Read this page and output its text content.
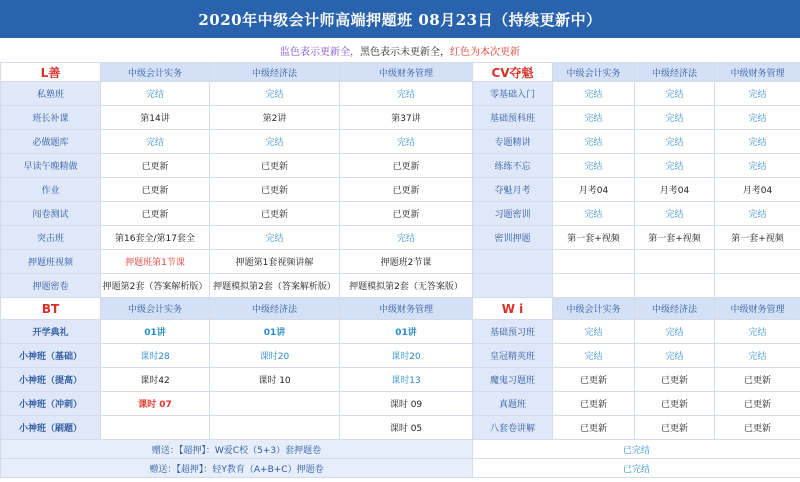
2020年中级会计师高端押题班 08月23日（持续更新中）
监色表示更新全， 黑色表示未更新全， 红色为本次更新
L善	中级会计实务	中级经济法	中级财务管理
私塾班	完结	完结	完结
班长补课	第14讲	第2讲	第37讲
必做题库	完结	完结	完结
早读午晚精做	已更新	已更新	已更新
作业	已更新	已更新	已更新
闯卷测试	已更新	已更新	已更新
突击班	第16套全/第17套全	完结	完结
押题班视频	押题班第1节课	押题第1套视频讲解	押题班2节课
押题密卷	押题第2套（答案解析版）	押题模拟第2套（答案解析版）	押题模拟第2套（无答案版）
CV夺魁	中级会计实务	中级经济法	中级财务管理
零基础入门	完结	完结	完结
基础预科班	完结	完结	完结
专题精讲	完结	完结	完结
练练不忘	完结	完结	完结
夺魁月考	月考04	月考04	月考04
习题密训	完结	完结	完结
密训押题	第一套+视频	第一套+视频	第一套+视频

BT	中级会计实务	中级经济法	中级财务管理
开学典礼	01讲	01讲	01讲
小神班（基础）	课时28	课时20	课时20
小神班（提高）	课时42	课时 10	课时13
小神班（冲刺）	课时 07		课时 09
小神班（刷题）			课时 05
W i	中级会计实务	中级经济法	中级财务管理
基础预习班	完结	完结	完结
皇冠精英班	完结	完结	完结
魔鬼习题班	已更新	已更新	已更新
真题班	已更新	已更新	已更新
八套卷讲解	已更新	已更新	已更新
赠送：【超押】：W爱C校（5+3）套押题卷	已完结
赠送：【超押】：轻Y教育（A+B+C）押题卷	已完结
